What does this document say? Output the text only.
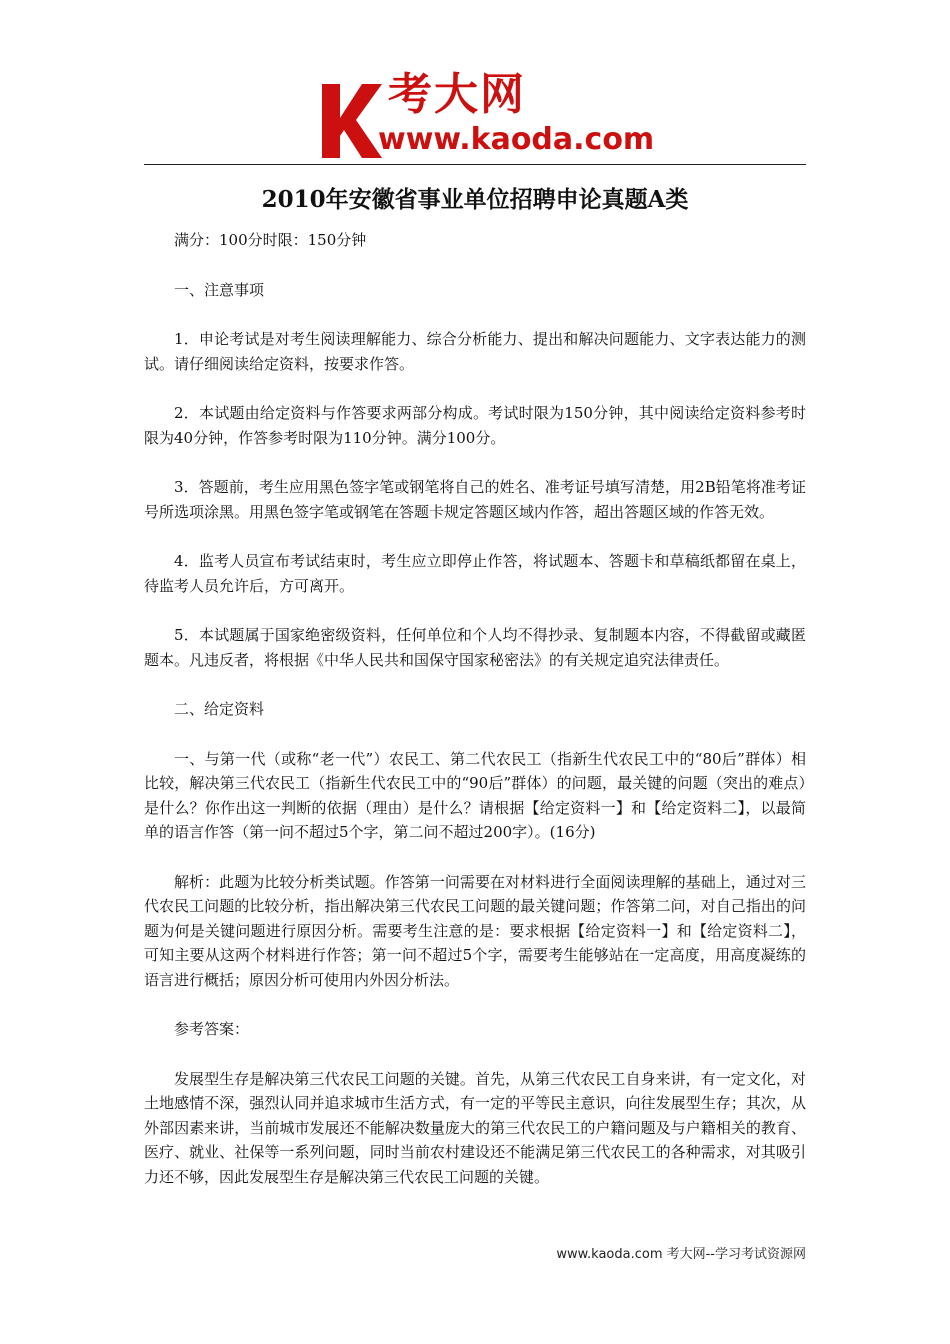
考大网
www.kaoda.com
2010年安徽省事业单位招聘申论真题A类

满分：100分时限：150分钟

一、注意事项

1．申论考试是对考生阅读理解能力、综合分析能力、提出和解决问题能力、文字表达能力的测试。请仔细阅读给定资料，按要求作答。

2．本试题由给定资料与作答要求两部分构成。考试时限为150分钟，其中阅读给定资料参考时限为40分钟，作答参考时限为110分钟。满分100分。

3．答题前，考生应用黑色签字笔或钢笔将自己的姓名、准考证号填写清楚，用2B铅笔将准考证号所选项涂黑。用黑色签字笔或钢笔在答题卡规定答题区域内作答，超出答题区域的作答无效。

4．监考人员宣布考试结束时，考生应立即停止作答，将试题本、答题卡和草稿纸都留在桌上，待监考人员允许后，方可离开。

5．本试题属于国家绝密级资料，任何单位和个人均不得抄录、复制题本内容，不得截留或藏匿题本。凡违反者，将根据《中华人民共和国保守国家秘密法》的有关规定追究法律责任。

二、给定资料

一、与第一代（或称“老一代”）农民工、第二代农民工（指新生代农民工中的“80后”群体）相比较，解决第三代农民工（指新生代农民工中的“90后”群体）的问题，最关键的问题（突出的难点）是什么？你作出这一判断的依据（理由）是什么？请根据【给定资料一】和【给定资料二】，以最简单的语言作答（第一问不超过5个字，第二问不超过200字）。(16分)

解析：此题为比较分析类试题。作答第一问需要在对材料进行全面阅读理解的基础上，通过对三代农民工问题的比较分析，指出解决第三代农民工问题的最关键问题；作答第二问，对自己指出的问题为何是关键问题进行原因分析。需要考生注意的是：要求根据【给定资料一】和【给定资料二】，可知主要从这两个材料进行作答；第一问不超过5个字，需要考生能够站在一定高度，用高度凝练的语言进行概括；原因分析可使用内外因分析法。

参考答案：

发展型生存是解决第三代农民工问题的关键。首先，从第三代农民工自身来讲，有一定文化，对土地感情不深，强烈认同并追求城市生活方式，有一定的平等民主意识，向往发展型生存；其次，从外部因素来讲，当前城市发展还不能解决数量庞大的第三代农民工的户籍问题及与户籍相关的教育、医疗、就业、社保等一系列问题，同时当前农村建设还不能满足第三代农民工的各种需求，对其吸引力还不够，因此发展型生存是解决第三代农民工问题的关键。

www.kaoda.com 考大网--学习考试资源网
